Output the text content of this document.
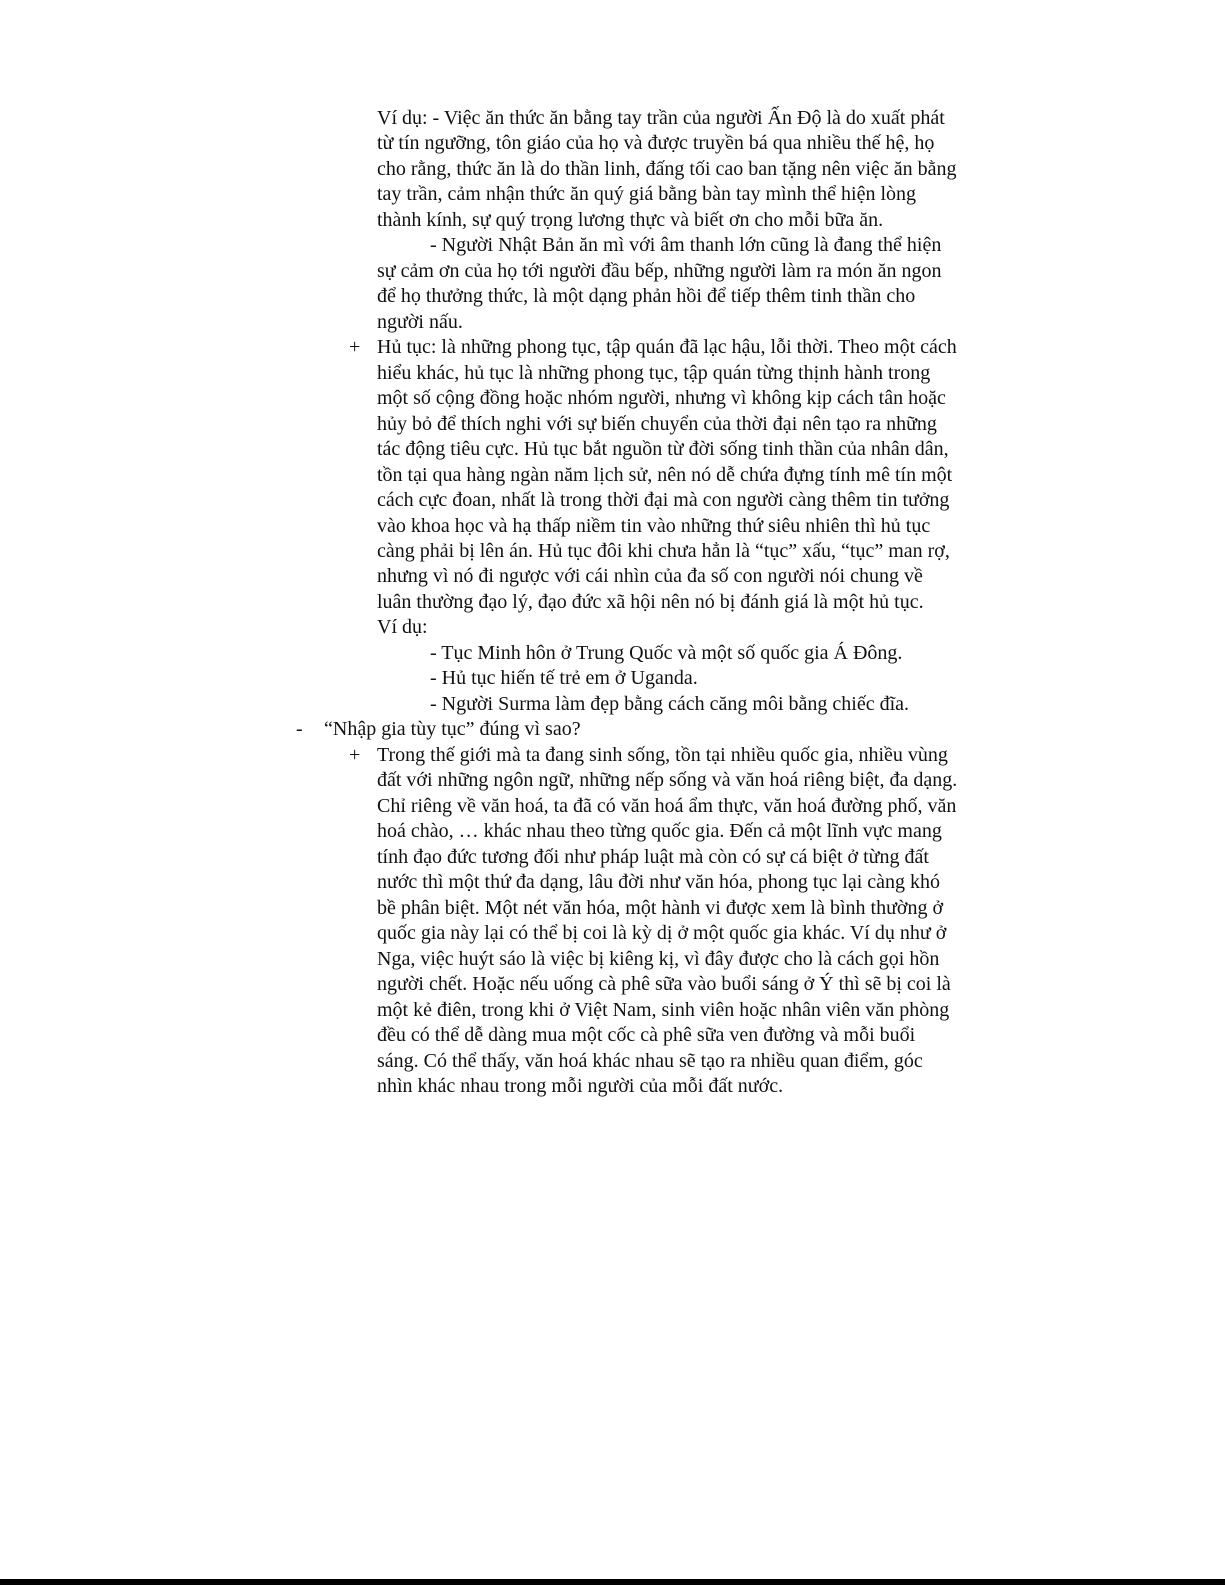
Ví dụ: - Việc ăn thức ăn bằng tay trần của người Ấn Độ là do xuất phát
từ tín ngưỡng, tôn giáo của họ và được truyền bá qua nhiều thế hệ, họ
cho rằng, thức ăn là do thần linh, đấng tối cao ban tặng nên việc ăn bằng
tay trần, cảm nhận thức ăn quý giá bằng bàn tay mình thể hiện lòng
thành kính, sự quý trọng lương thực và biết ơn cho mỗi bữa ăn.
- Người Nhật Bản ăn mì với âm thanh lớn cũng là đang thể hiện
sự cảm ơn của họ tới người đầu bếp, những người làm ra món ăn ngon
để họ thưởng thức, là một dạng phản hồi để tiếp thêm tinh thần cho
người nấu.
+ Hủ tục: là những phong tục, tập quán đã lạc hậu, lỗi thời. Theo một cách
hiểu khác, hủ tục là những phong tục, tập quán từng thịnh hành trong
một số cộng đồng hoặc nhóm người, nhưng vì không kịp cách tân hoặc
hủy bỏ để thích nghi với sự biến chuyển của thời đại nên tạo ra những
tác động tiêu cực. Hủ tục bắt nguồn từ đời sống tinh thần của nhân dân,
tồn tại qua hàng ngàn năm lịch sử, nên nó dễ chứa đựng tính mê tín một
cách cực đoan, nhất là trong thời đại mà con người càng thêm tin tưởng
vào khoa học và hạ thấp niềm tin vào những thứ siêu nhiên thì hủ tục
càng phải bị lên án. Hủ tục đôi khi chưa hẳn là “tục” xấu, “tục” man rợ,
nhưng vì nó đi ngược với cái nhìn của đa số con người nói chung về
luân thường đạo lý, đạo đức xã hội nên nó bị đánh giá là một hủ tục.
Ví dụ:
- Tục Minh hôn ở Trung Quốc và một số quốc gia Á Đông.
- Hủ tục hiến tế trẻ em ở Uganda.
- Người Surma làm đẹp bằng cách căng môi bằng chiếc đĩa.
- “Nhập gia tùy tục” đúng vì sao?
+ Trong thế giới mà ta đang sinh sống, tồn tại nhiều quốc gia, nhiều vùng
đất với những ngôn ngữ, những nếp sống và văn hoá riêng biệt, đa dạng.
Chỉ riêng về văn hoá, ta đã có văn hoá ẩm thực, văn hoá đường phố, văn
hoá chào, … khác nhau theo từng quốc gia. Đến cả một lĩnh vực mang
tính đạo đức tương đối như pháp luật mà còn có sự cá biệt ở từng đất
nước thì một thứ đa dạng, lâu đời như văn hóa, phong tục lại càng khó
bề phân biệt. Một nét văn hóa, một hành vi được xem là bình thường ở
quốc gia này lại có thể bị coi là kỳ dị ở một quốc gia khác. Ví dụ như ở
Nga, việc huýt sáo là việc bị kiêng kị, vì đây được cho là cách gọi hồn
người chết. Hoặc nếu uống cà phê sữa vào buổi sáng ở Ý thì sẽ bị coi là
một kẻ điên, trong khi ở Việt Nam, sinh viên hoặc nhân viên văn phòng
đều có thể dễ dàng mua một cốc cà phê sữa ven đường và mỗi buổi
sáng. Có thể thấy, văn hoá khác nhau sẽ tạo ra nhiều quan điểm, góc
nhìn khác nhau trong mỗi người của mỗi đất nước.
